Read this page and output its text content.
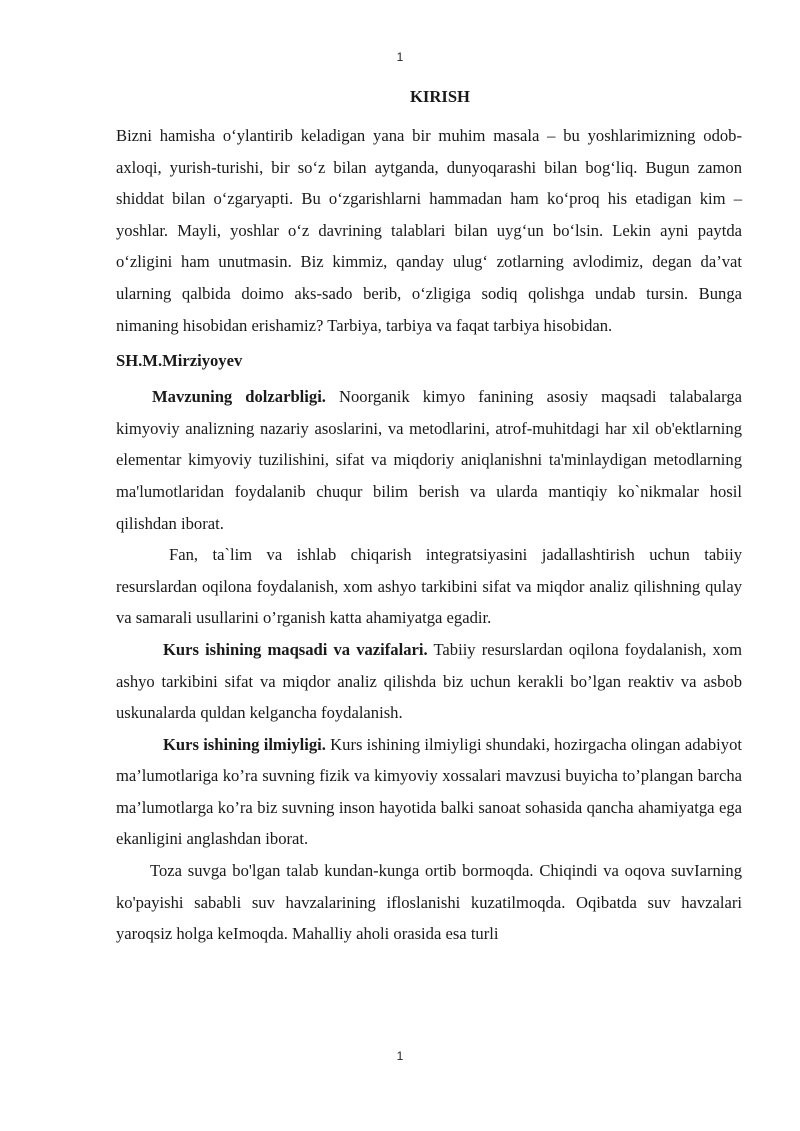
1
KIRISH

Bizni hamisha o‘ylantirib keladigan yana bir muhim masala – bu yoshlarimizning odob-axloqi, yurish-turishi, bir so‘z bilan aytganda, dunyoqarashi bilan bog‘liq. Bugun zamon shiddat bilan o‘zgaryapti. Bu o‘zgarishlarni hammadan ham ko‘proq his etadigan kim – yoshlar. Mayli, yoshlar o‘z davrining talablari bilan uyg‘un bo‘lsin. Lekin ayni paytda o‘zligini ham unutmasin. Biz kimmiz, qanday ulug‘ zotlarning avlodimiz, degan da’vat ularning qalbida doimo aks-sado berib, o‘zligiga sodiq qolishga undab tursin. Bunga nimaning hisobidan erishamiz? Tarbiya, tarbiya va faqat tarbiya hisobidan.

SH.M.Mirziyoyev

Mavzuning dolzarbligi. Noorganik kimyo fanining asosiy maqsadi talabalarga kimyoviy analizning nazariy asoslarini, va metodlarini, atrof-muhitdagi har xil ob'ektlarning elementar kimyoviy tuzilishini, sifat va miqdoriy aniqlanishni ta'minlaydigan metodlarning ma'lumotlaridan foydalanib chuqur bilim berish va ularda mantiqiy ko`nikmalar hosil qilishdan iborat.

Fan, ta`lim va ishlab chiqarish integratsiyasini jadallashtirish uchun tabiiy resurslardan oqilona foydalanish, xom ashyo tarkibini sifat va miqdor analiz qilishning qulay va samarali usullarini o’rganish katta ahamiyatga egadir.

Kurs ishining maqsadi va vazifalari. Tabiiy resurslardan oqilona foydalanish, xom ashyo tarkibini sifat va miqdor analiz qilishda biz uchun kerakli bo’lgan reaktiv va asbob uskunalarda quldan kelgancha foydalanish.

Kurs ishining ilmiyligi. Kurs ishining ilmiyligi shundaki, hozirgacha olingan adabiyot ma’lumotlariga ko’ra suvning fizik va kimyoviy xossalari mavzusi buyicha to’plangan barcha ma’lumotlarga ko’ra biz suvning inson hayotida balki sanoat sohasida qancha ahamiyatga ega ekanligini anglashdan iborat.

Toza suvga bo'lgan talab kundan-kunga ortib bormoqda. Chiqindi va oqova suvIarning ko'payishi sababli suv havzalarining ifloslanishi kuzatilmoqda. Oqibatda suv havzalari yaroqsiz holga keImoqda. Mahalliy aholi orasida esa turli

1
